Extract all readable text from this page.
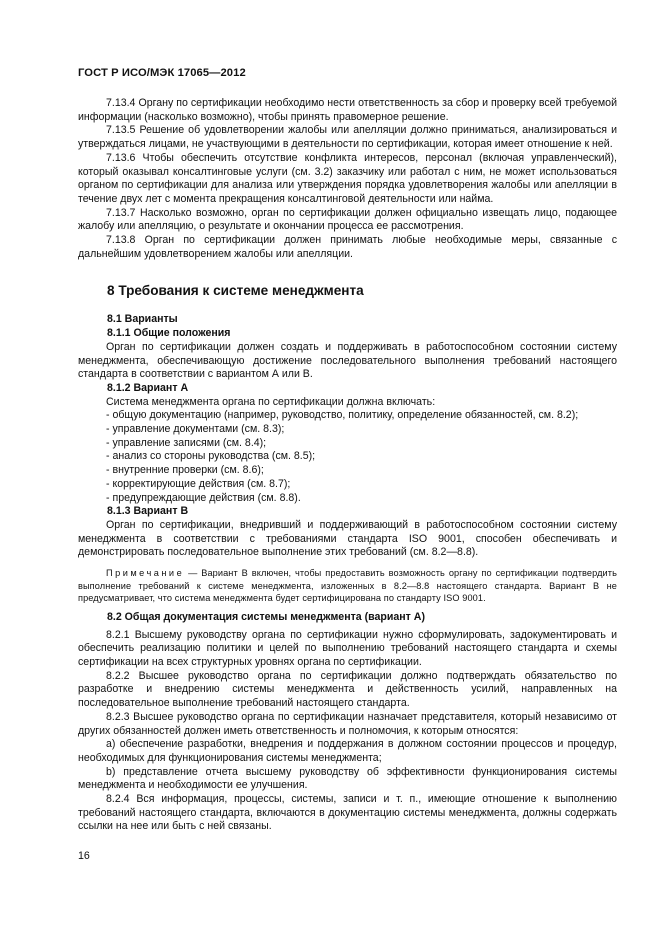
ГОСТ Р ИСО/МЭК 17065—2012

7.13.4 Органу по сертификации необходимо нести ответственность за сбор и проверку всей требуемой информации (насколько возможно), чтобы принять правомерное решение.

7.13.5 Решение об удовлетворении жалобы или апелляции должно приниматься, анализироваться и утверждаться лицами, не участвующими в деятельности по сертификации, которая имеет отношение к ней.

7.13.6 Чтобы обеспечить отсутствие конфликта интересов, персонал (включая управленческий), который оказывал консалтинговые услуги (см. 3.2) заказчику или работал с ним, не может использоваться органом по сертификации для анализа или утверждения порядка удовлетворения жалобы или апелляции в течение двух лет с момента прекращения консалтинговой деятельности или найма.

7.13.7 Насколько возможно, орган по сертификации должен официально извещать лицо, подающее жалобу или апелляцию, о результате и окончании процесса ее рассмотрения.

7.13.8 Орган по сертификации должен принимать любые необходимые меры, связанные с дальнейшим удовлетворением жалобы или апелляции.

8 Требования к системе менеджмента
8.1 Варианты
8.1.1 Общие положения

Орган по сертификации должен создать и поддерживать в работоспособном состоянии систему менеджмента, обеспечивающую достижение последовательного выполнения требований настоящего стандарта в соответствии с вариантом А или В.

8.1.2 Вариант А

Система менеджмента органа по сертификации должна включать:

- общую документацию (например, руководство, политику, определение обязанностей, см. 8.2);

- управление документами (см. 8.3);

- управление записями (см. 8.4);

- анализ со стороны руководства (см. 8.5);

- внутренние проверки (см. 8.6);

- корректирующие действия (см. 8.7);

- предупреждающие действия (см. 8.8).

8.1.3 Вариант В

Орган по сертификации, внедривший и поддерживающий в работоспособном состоянии систему менеджмента в соответствии с требованиями стандарта ISO 9001, способен обеспечивать и демонстрировать последовательное выполнение этих требований (см. 8.2—8.8).

Примечание — Вариант В включен, чтобы предоставить возможность органу по сертификации подтвердить выполнение требований к системе менеджмента, изложенных в 8.2—8.8 настоящего стандарта. Вариант В не предусматривает, что система менеджмента будет сертифицирована по стандарту ISO 9001.

8.2 Общая документация системы менеджмента (вариант А)

8.2.1 Высшему руководству органа по сертификации нужно сформулировать, задокументировать и обеспечить реализацию политики и целей по выполнению требований настоящего стандарта и схемы сертификации на всех структурных уровнях органа по сертификации.

8.2.2 Высшее руководство органа по сертификации должно подтверждать обязательство по разработке и внедрению системы менеджмента и действенность усилий, направленных на последовательное выполнение требований настоящего стандарта.

8.2.3 Высшее руководство органа по сертификации назначает представителя, который независимо от других обязанностей должен иметь ответственность и полномочия, к которым относятся:

а) обеспечение разработки, внедрения и поддержания в должном состоянии процессов и процедур, необходимых для функционирования системы менеджмента;

b) представление отчета высшему руководству об эффективности функционирования системы менеджмента и необходимости ее улучшения.

8.2.4 Вся информация, процессы, системы, записи и т. п., имеющие отношение к выполнению требований настоящего стандарта, включаются в документацию системы менеджмента, должны содержать ссылки на нее или быть с ней связаны.

16
